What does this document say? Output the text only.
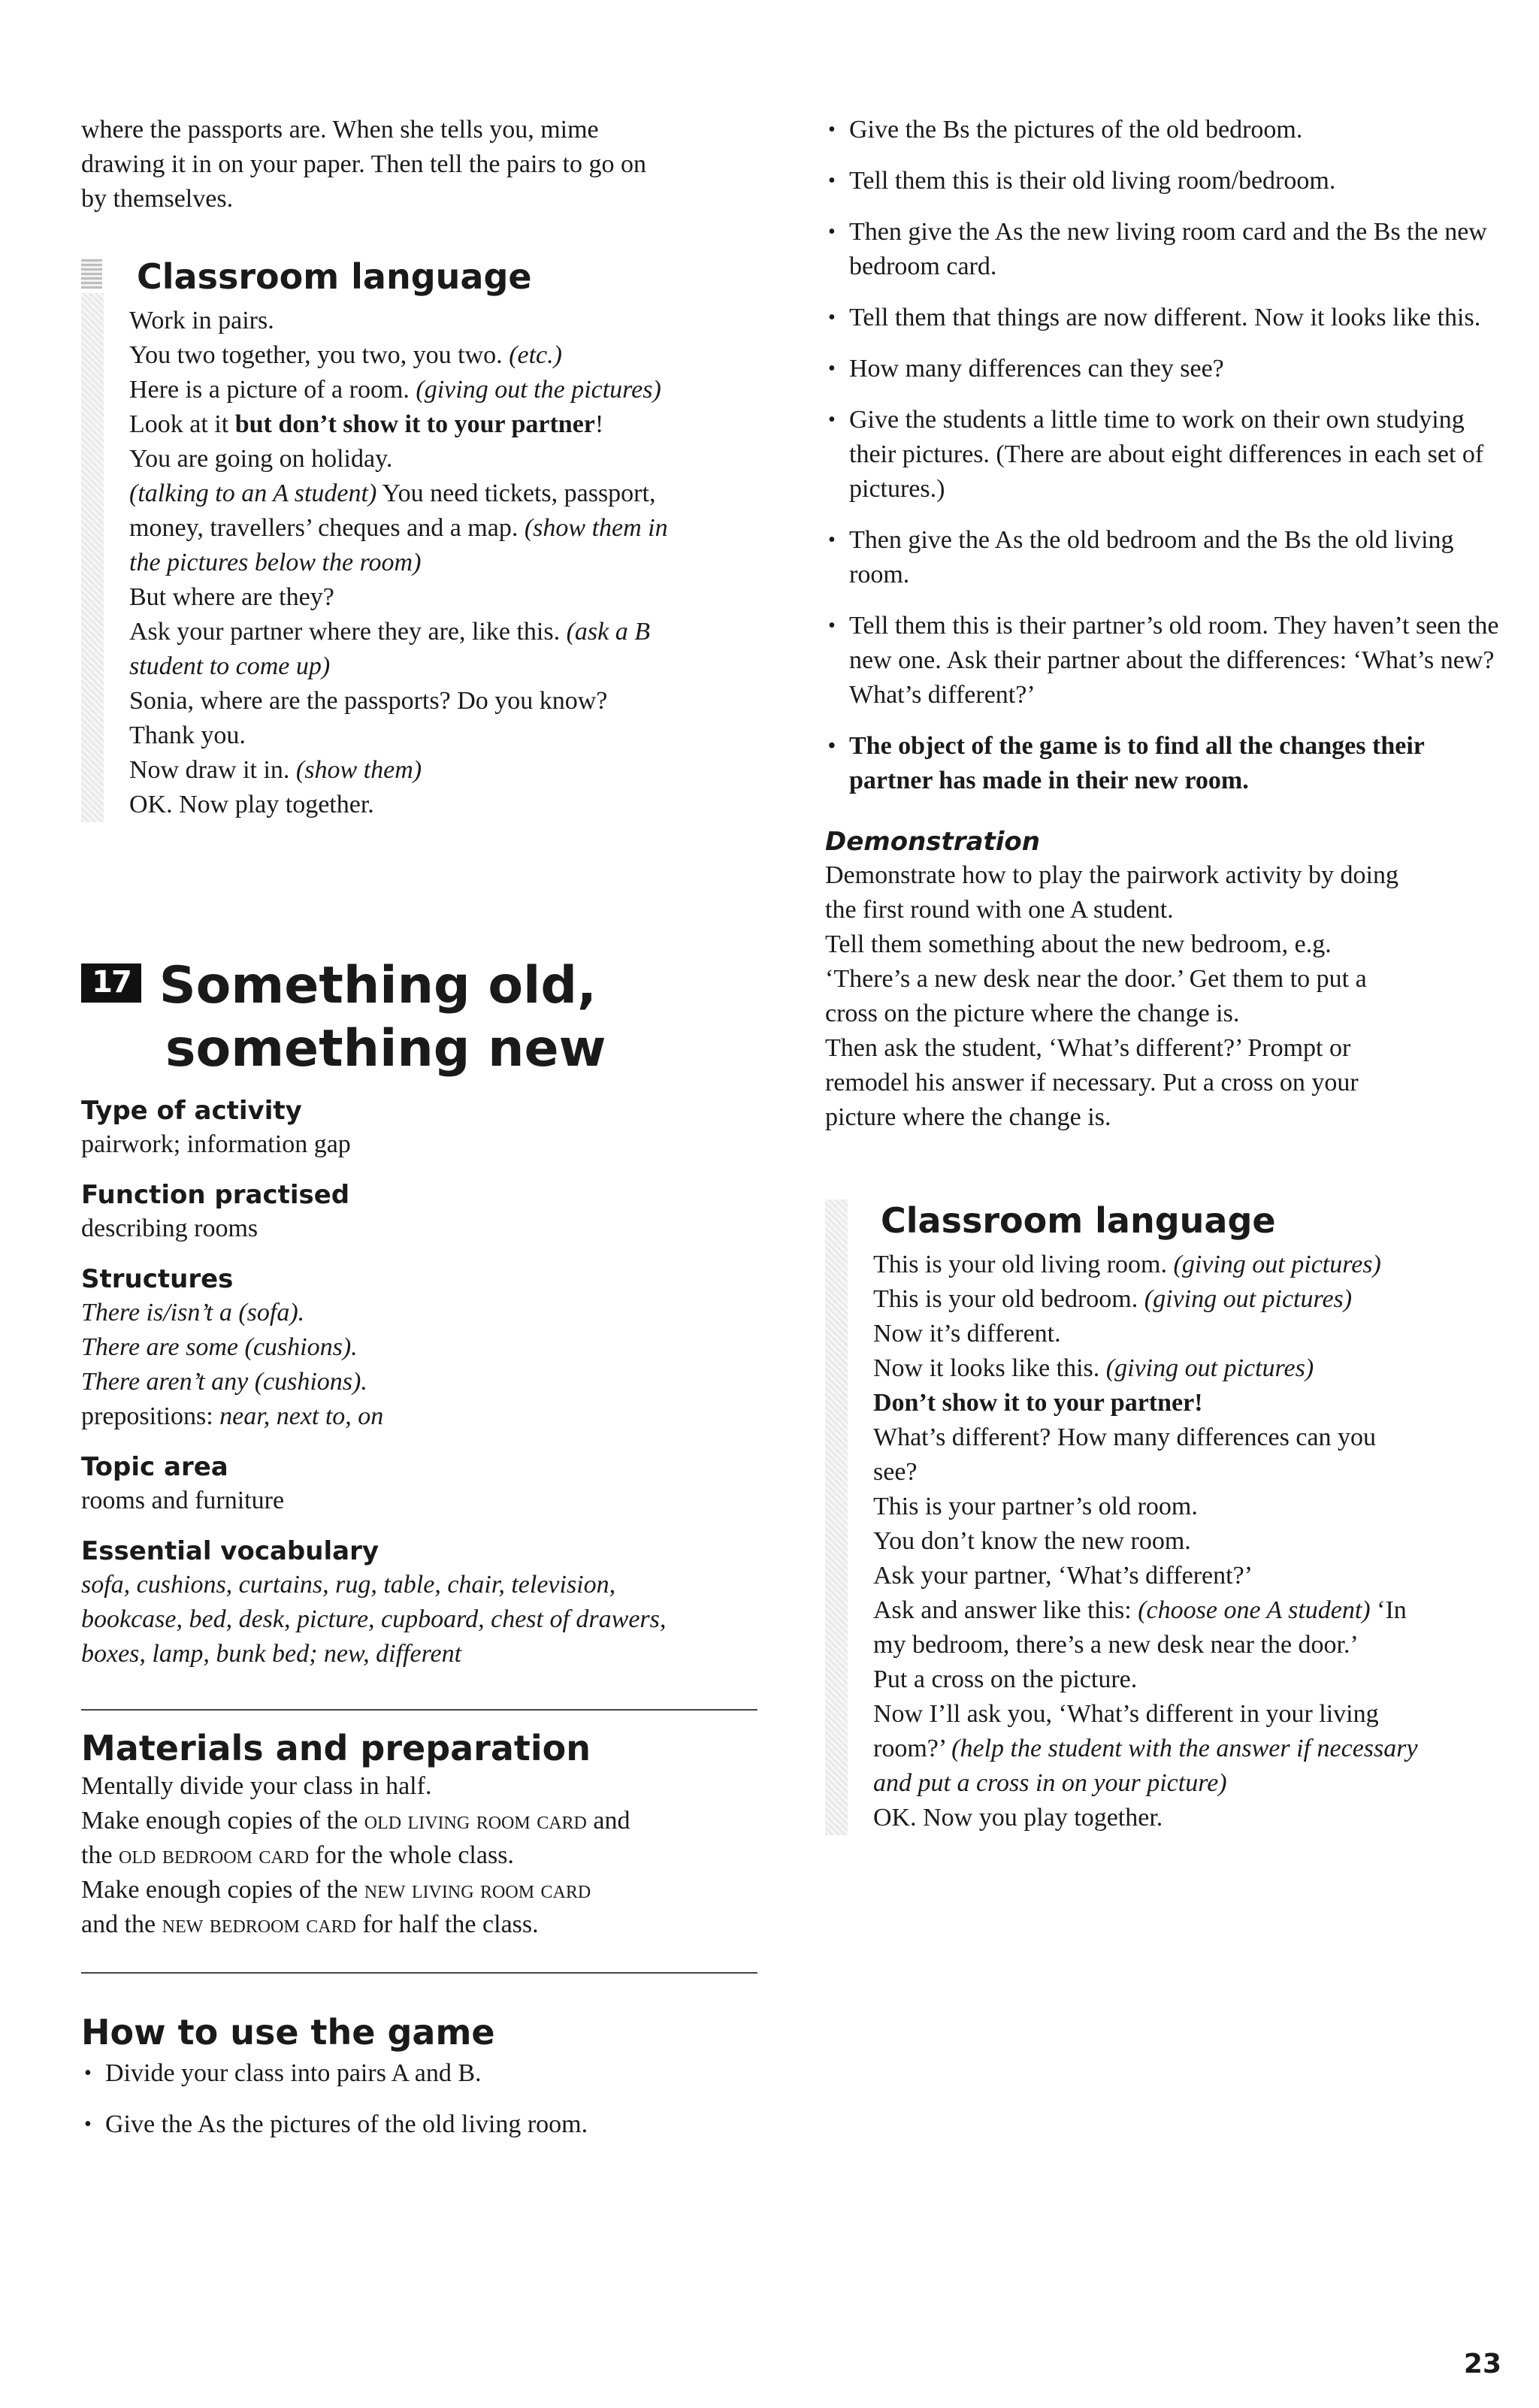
where the passports are. When she tells you, mime

drawing it in on your paper. Then tell the pairs to go on

by themselves.

Classroom language

Work in pairs.

You two together, you two, you two. (etc.)

Here is a picture of a room. (giving out the pictures)

Look at it but don’t show it to your partner!

You are going on holiday.

(talking to an A student) You need tickets, passport,

money, travellers’ cheques and a map. (show them in

the pictures below the room)

But where are they?

Ask your partner where they are, like this. (ask a B

student to come up)

Sonia, where are the passports? Do you know?

Thank you.

Now draw it in. (show them)

OK. Now play together.

17 Something old,
something new
Type of activity

pairwork; information gap

Function practised

describing rooms

Structures

There is/isn’t a (sofa).

There are some (cushions).

There aren’t any (cushions).

prepositions: near, next to, on

Topic area

rooms and furniture

Essential vocabulary

sofa, cushions, curtains, rug, table, chair, television,

bookcase, bed, desk, picture, cupboard, chest of drawers,

boxes, lamp, bunk bed; new, different

Materials and preparation

Mentally divide your class in half.

Make enough copies of the old living room card and

the old bedroom card for the whole class.

Make enough copies of the new living room card

and the new bedroom card for half the class.

How to use the game
• Divide your class into pairs A and B.
• Give the As the pictures of the old living room.
• Give the Bs the pictures of the old bedroom.
• Tell them this is their old living room/bedroom.
• Then give the As the new living room card and the Bs the new bedroom card.
• Tell them that things are now different. Now it looks like this.
• How many differences can they see?
• Give the students a little time to work on their own studying their pictures. (There are about eight differences in each set of pictures.)
• Then give the As the old bedroom and the Bs the old living room.
• Tell them this is their partner’s old room. They haven’t seen the new one. Ask their partner about the differences: ‘What’s new? What’s different?’
• The object of the game is to find all the changes their partner has made in their new room.
Demonstration

Demonstrate how to play the pairwork activity by doing

the first round with one A student.

Tell them something about the new bedroom, e.g.

‘There’s a new desk near the door.’ Get them to put a

cross on the picture where the change is.

Then ask the student, ‘What’s different?’ Prompt or

remodel his answer if necessary. Put a cross on your

picture where the change is.

Classroom language

This is your old living room. (giving out pictures)

This is your old bedroom. (giving out pictures)

Now it’s different.

Now it looks like this. (giving out pictures)

Don’t show it to your partner!

What’s different? How many differences can you

see?

This is your partner’s old room.

You don’t know the new room.

Ask your partner, ‘What’s different?’

Ask and answer like this: (choose one A student) ‘In

my bedroom, there’s a new desk near the door.’

Put a cross on the picture.

Now I’ll ask you, ‘What’s different in your living

room?’ (help the student with the answer if necessary

and put a cross in on your picture)

OK. Now you play together.

23
